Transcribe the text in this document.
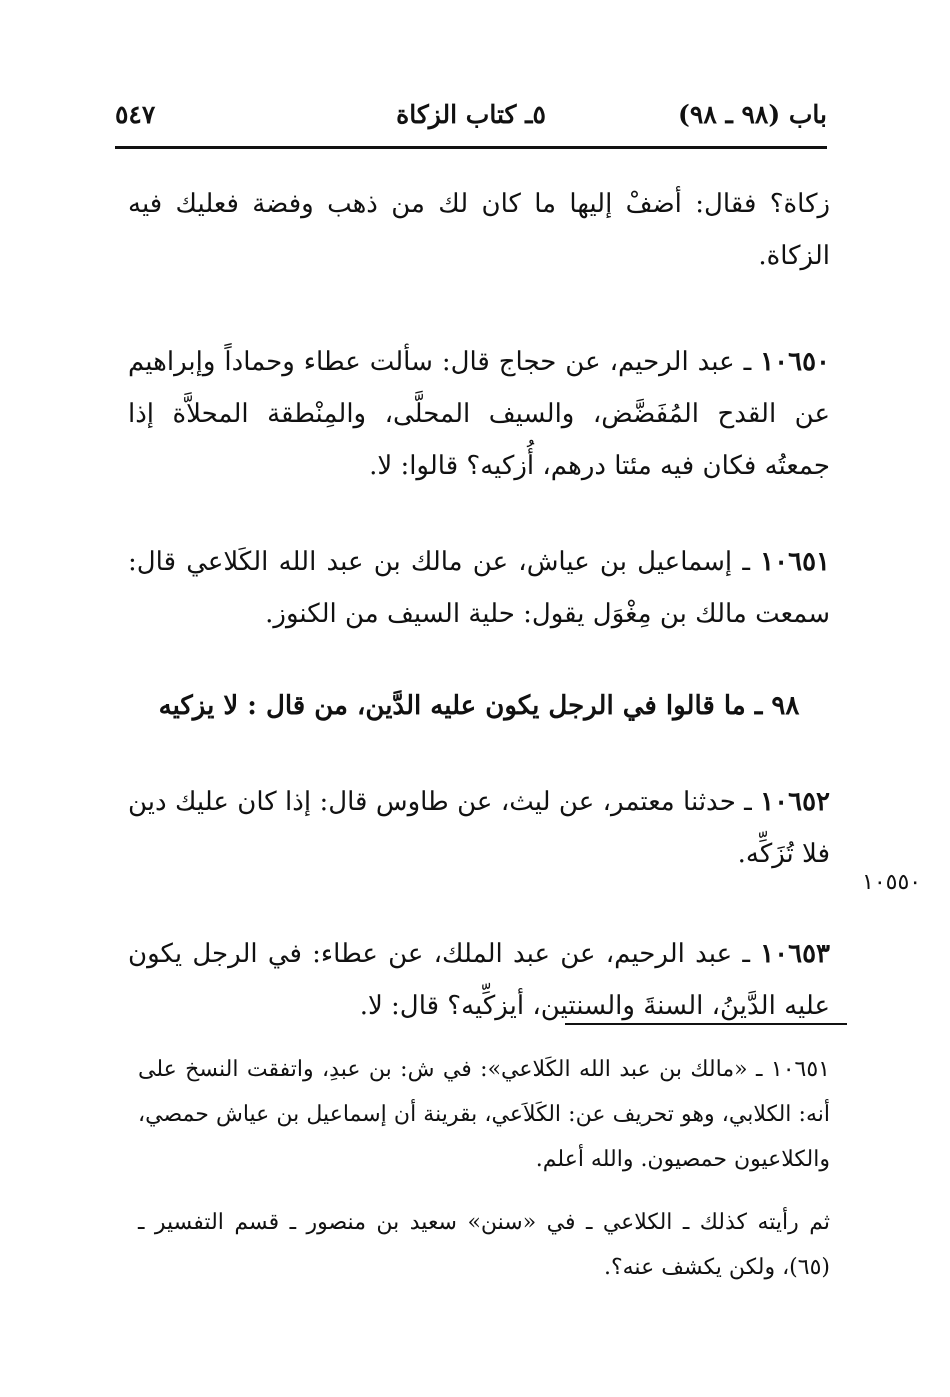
باب (٩٨ ـ ٩٨)
٥ـ كتاب الزكاة
٥٤٧

زكاة؟ فقال: أضفْ إليها ما كان لك من ذهب وفضة فعليك فيه الزكاة.

١٠٦٥٠ ـ عبد الرحيم، عن حجاج قال: سألت عطاء وحماداً وإبراهيم عن القدح المُفَضَّض، والسيف المحلَّى، والمِنْطقة المحلاَّة إذا جمعتُه فكان فيه مئتا درهم، أُزكيه؟ قالوا: لا.

١٠٦٥١ ـ إسماعيل بن عياش، عن مالك بن عبد الله الكَلاعي قال: سمعت مالك بن مِغْوَل يقول: حلية السيف من الكنوز.

٩٨ ـ ما قالوا في الرجل يكون عليه الدَّين، من قال : لا يزكيه

١٠٦٥٢ ـ حدثنا معتمر، عن ليث، عن طاوس قال: إذا كان عليك دين فلا تُزَكِّه.

١٠٦٥٣ ـ عبد الرحيم، عن عبد الملك، عن عطاء: في الرجل يكون عليه الدَّينُ، السنةَ والسنتين، أيزكِّيه؟ قال: لا.

١٠٥٥٠

١٠٦٥١ ـ «مالك بن عبد الله الكَلاعي»: في ش: بن عبدِ، واتفقت النسخ على أنه: الكلابي، وهو تحريف عن: الكَلاَعي، بقرينة أن إسماعيل بن عياش حمصي، والكلاعيون حمصيون. والله أعلم.

ثم رأيته كذلك ـ الكلاعي ـ في «سنن» سعيد بن منصور ـ قسم التفسير ـ (٦٥)، ولكن يكشف عنه؟.
